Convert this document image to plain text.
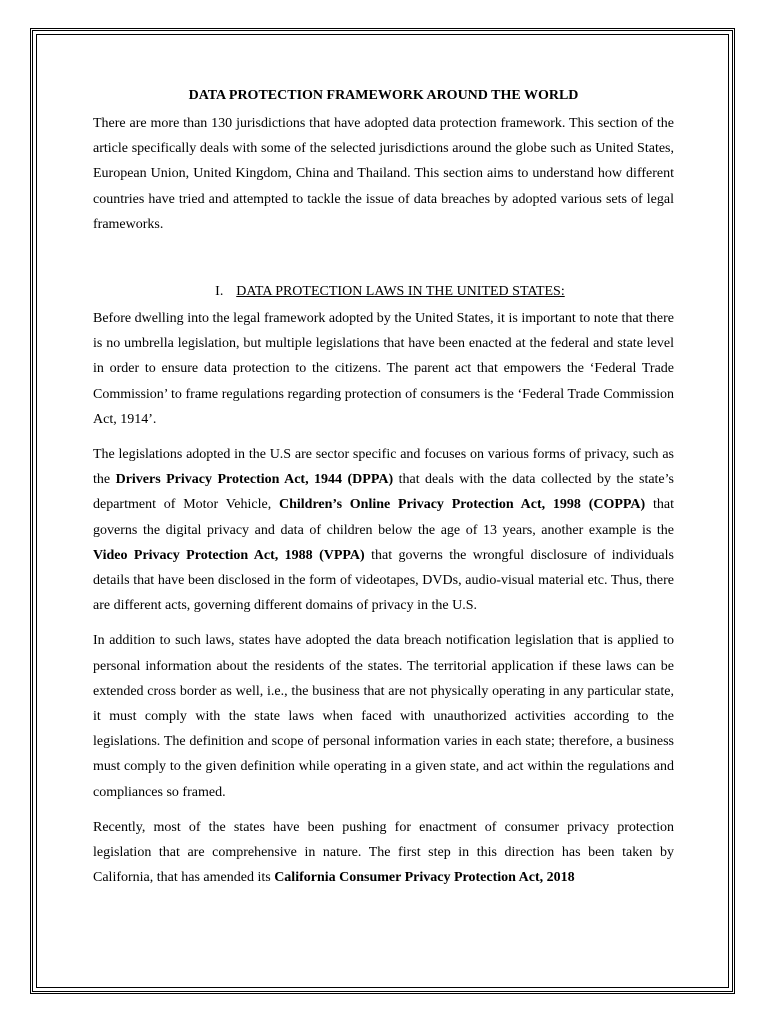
DATA PROTECTION FRAMEWORK AROUND THE WORLD

There are more than 130 jurisdictions that have adopted data protection framework. This section of the article specifically deals with some of the selected jurisdictions around the globe such as United States, European Union, United Kingdom, China and Thailand. This section aims to understand how different countries have tried and attempted to tackle the issue of data breaches by adopted various sets of legal frameworks.

I. DATA PROTECTION LAWS IN THE UNITED STATES:

Before dwelling into the legal framework adopted by the United States, it is important to note that there is no umbrella legislation, but multiple legislations that have been enacted at the federal and state level in order to ensure data protection to the citizens. The parent act that empowers the ‘Federal Trade Commission’ to frame regulations regarding protection of consumers is the ‘Federal Trade Commission Act, 1914’.

The legislations adopted in the U.S are sector specific and focuses on various forms of privacy, such as the Drivers Privacy Protection Act, 1944 (DPPA) that deals with the data collected by the state’s department of Motor Vehicle, Children’s Online Privacy Protection Act, 1998 (COPPA) that governs the digital privacy and data of children below the age of 13 years, another example is the Video Privacy Protection Act, 1988 (VPPA) that governs the wrongful disclosure of individuals details that have been disclosed in the form of videotapes, DVDs, audio-visual material etc. Thus, there are different acts, governing different domains of privacy in the U.S.

In addition to such laws, states have adopted the data breach notification legislation that is applied to personal information about the residents of the states. The territorial application if these laws can be extended cross border as well, i.e., the business that are not physically operating in any particular state, it must comply with the state laws when faced with unauthorized activities according to the legislations. The definition and scope of personal information varies in each state; therefore, a business must comply to the given definition while operating in a given state, and act within the regulations and compliances so framed.

Recently, most of the states have been pushing for enactment of consumer privacy protection legislation that are comprehensive in nature. The first step in this direction has been taken by California, that has amended its California Consumer Privacy Protection Act, 2018
